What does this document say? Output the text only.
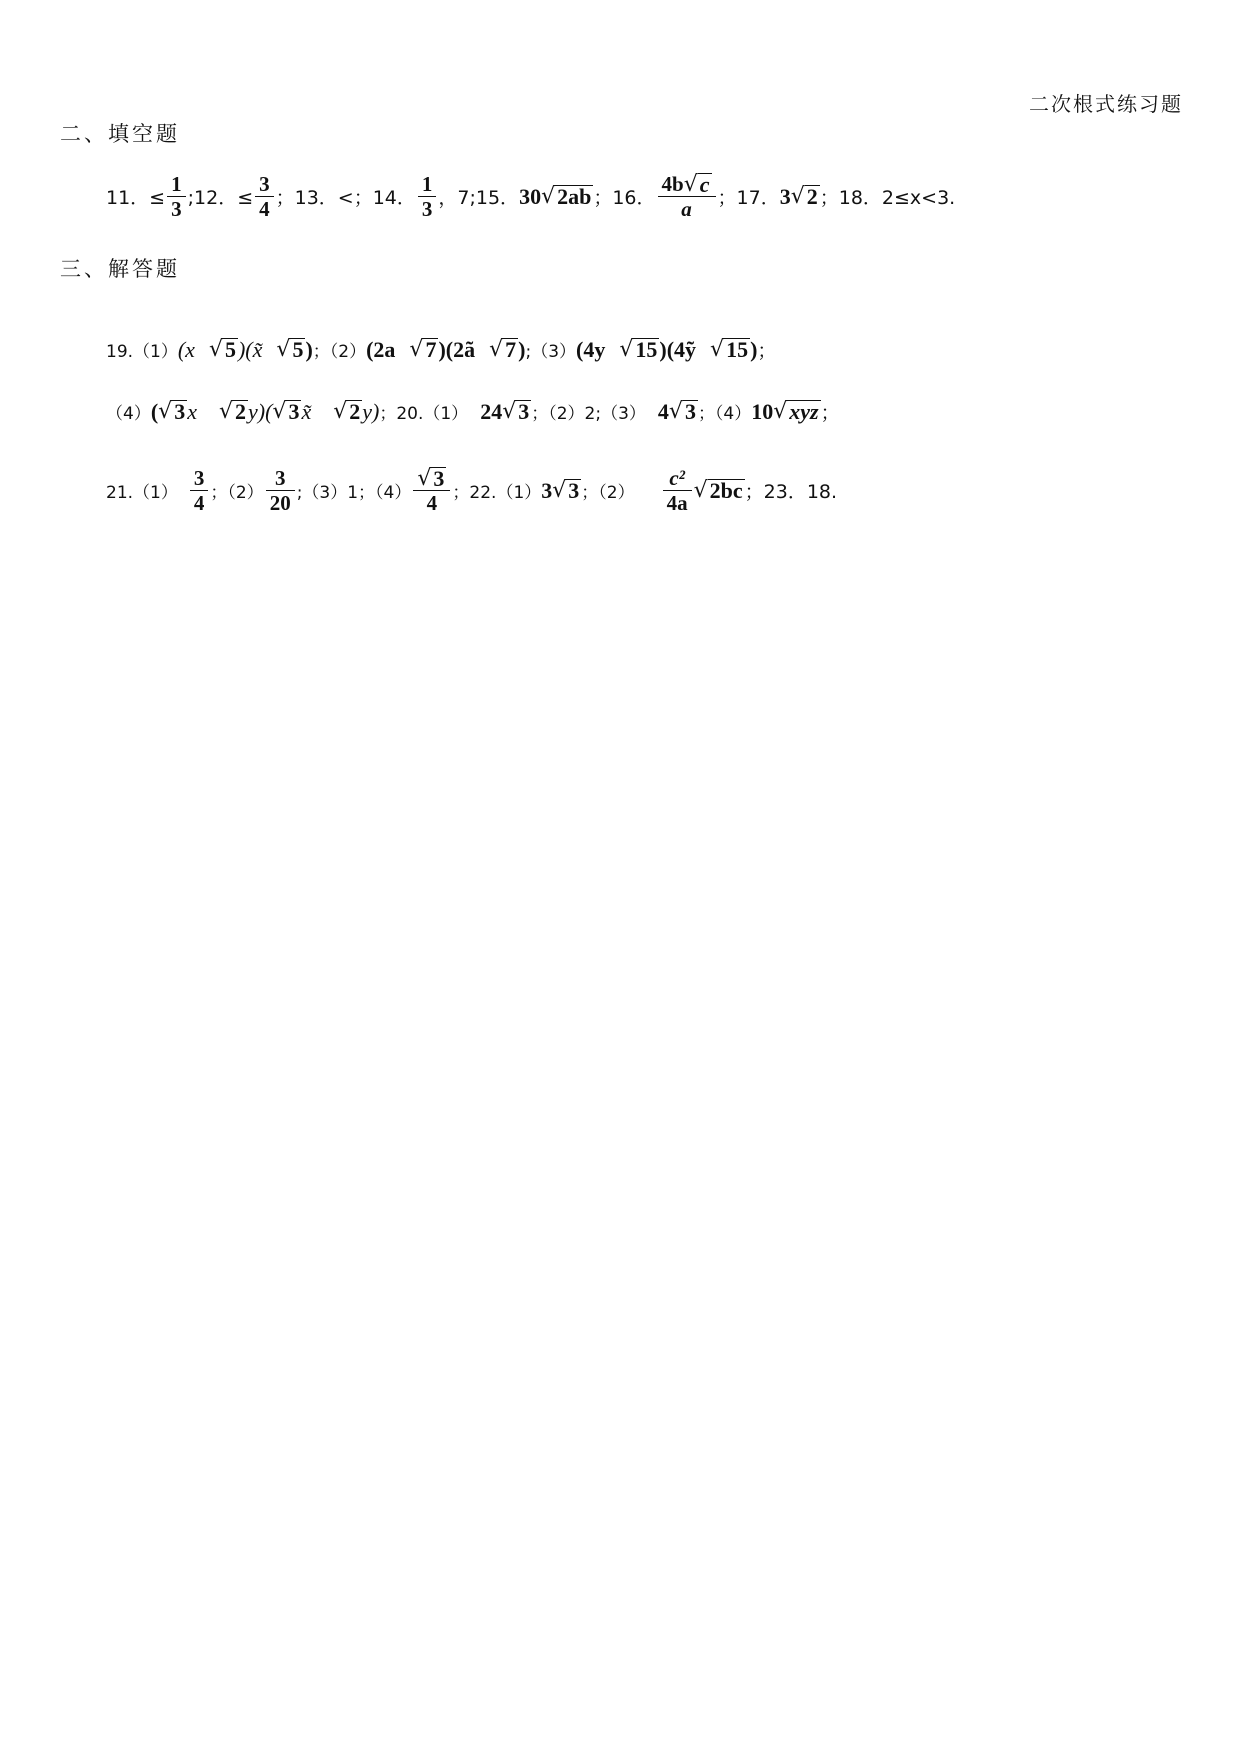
二次根式练习题
二、填空题
11．≤ $\frac{1}{3}$ ;12．≤ $\frac{3}{4}$ ；13．<；14． $\frac{1}{3}$ ，7;15． 30 √ 2ab ；16． $\frac{4b √ c}{a}$ ；17． 3 √ 2 ；18．2≤x<3.
三、解答题
19.（1） (x √ 5 )(x̃ √ 5 ) ；（2） (2a √ 7 )(2ã √ 7 ) ;（3） (4y √ 15 )(4ỹ √ 15 ) ；
（4） ( √ 3 x √ 2 y)( √ 3 x̃ √ 2 y) ；20.（1） 24 √ 3 ；（2）2;（3） 4 √ 3 ；（4） 10 √ xyz ；
$21.(1) \frac{3}{4}$ ；$(2) \frac{3}{20}$ ;（3）1；$(4) \frac{√ 3}{4}$ ；22.（1） 3 √ 3 ；$(2) \frac{\text{c²}}{4a}$ √ 2bc ；23．18.
